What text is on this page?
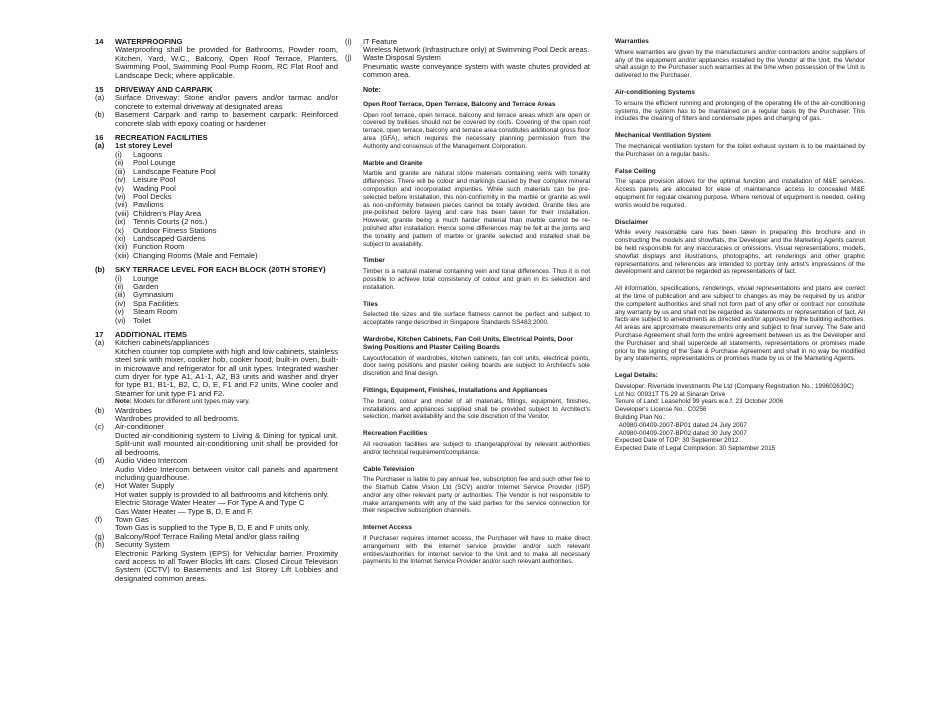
14	WATERPROOFING
Waterproofing shall be provided for Bathrooms, Powder room, Kitchen, Yard, W.C., Balcony, Open Roof Terrace, Planters, Swimming Pool, Swimming Pool Pump Room, RC Flat Roof and Landscape Deck; where applicable.
15	DRIVEWAY AND CARPARK
(a)	Surface Driveway: Stone and/or pavers and/or tarmac and/or concrete to external driveway at designated areas
(b)	Basement Carpark and ramp to basement carpark: Reinforced concrete slab with epoxy coating or hardener
16	RECREATION FACILITIES
(a)	1st storey Level
(i)	Lagoons
(ii)	Pool Lounge
(iii)	Landscape Feature Pool
(iv) Leisure Pool
(v)	Wading Pool
(vi) Pool Decks
(vii) Pavilions
(viii) Children's Play Area
(ix) Tennis Courts (2 nos.)
(x)	Outdoor Fitness Stations
(xi) Landscaped Gardens
(xii) Function Room
(xiii) Changing Rooms (Male and Female)
(b)	SKY TERRACE LEVEL FOR EACH BLOCK (20TH STOREY)
(i)	Lounge
(ii)	Garden
(iii)	Gymnasium
(iv) Spa Facilities
(v)	Steam Room
(vi) Toilet
17	ADDITIONAL ITEMS
(a)	Kitchen cabinets/appliances
Kitchen counter top complete with high and low cabinets, stainless steel sink with mixer, cooker hob, cooker hood, built-in oven, built-in microwave and refrigerator for all unit types. Integrated washer cum dryer for type A1, A1-1, A2, B3 units and washer and dryer for type B1, B1-1, B2, C, D, E, F1 and F2 units. Wine cooler and Steamer for unit type F1 and F2.
Note: Models for different unit types may vary.
(b)	Wardrobes
Wardrobes provided to all bedrooms.
(c)	Air-conditioner
Ducted air-conditioning system to Living & Dining for typical unit. Split-unit wall mounted air-conditioning unit shall be provided for all bedrooms.
(d)	Audio Video Intercom
Audio Video Intercom between visitor call panels and apartment including guardhouse.
(e)	Hot Water Supply
Hot water supply is provided to all bathrooms and kitchens only.
Electric Storage Water Heater — For Type A and Type C
Gas Water Heater — Type B, D, E and F.
(f)	Town Gas
Town Gas is supplied to the Type B, D, E and F units only.
(g)	Balcony/Roof Terrace Railing Metal and/or glass railing
(h)	Security System
Electronic Parking System (EPS) for Vehicular barrier. Proximity card access to all Tower Blocks lift cars. Closed Circuit Television System (CCTV) to Basements and 1st Storey Lift Lobbies and designated common areas.
(i)	IT Feature
Wireless Network (Infrastructure only) at Swimming Pool Deck areas.
(j)	Waste Disposal System
Pneumatic waste conveyance system with waste chutes provided at common area.
Note:
Open Roof Terrace, Open Terrace, Balcony and Terrace Areas

Open roof terrace, open terrace, balcony and terrace areas which are open or covered by trellises should not be covered by roofs. Covering of the open roof terrace, open terrace, balcony and terrace area constitutes additional gross floor area (GFA), which requires the necessary planning permission from the Authority and consensus of the Management Corporation.

Marble and Granite

Marble and granite are natural stone materials containing veins with tonality differences. There will be colour and markings caused by their complex mineral composition and incorporated impurities. While such materials can be pre-selected before installation, this non-conformity in the marble or granite as well as non-uniformity between pieces cannot be totally avoided. Granite tiles are pre-polished before laying and care has been taken for their installation. However, granite being a much harder material than marble cannot be re-polished after installation. Hence some differences may be felt at the joints and the tonality and pattern of marble or granite selected and installed shall be subject to availability.

Timber

Timber is a natural material containing vein and tonal differences. Thus it is not possible to achieve total consistency of colour and grain in its selection and installation.

Tiles

Selected tile sizes and tile surface flatness cannot be perfect and subject to acceptable range described in Singapore Standards SS483:2000.

Wardrobe, Kitchen Cabinets, Fan Coil Units, Electrical Points, Door Swing Positions and Plaster Ceiling Boards

Layout/location of wardrobes, kitchen cabinets, fan coil units, electrical points, door swing positions and plaster ceiling boards are subject to Architect's sole discretion and final design.

Fittings, Equipment, Finishes, Installations and Appliances

The brand, colour and model of all materials, fittings, equipment, finishes, installations and appliances supplied shall be provided subject to Architect's selection, market availability and the sole discretion of the Vendor.

Recreation Facilities

All recreation facilities are subject to change/approval by relevant authorities and/or technical requirement/compliance.

Cable Television

The Purchaser is liable to pay annual fee, subscription fee and such other fee to the Starhub Cable Vision Ltd (SCV) and/or Internet Service Provider (ISP) and/or any other relevant party or authorities. The Vendor is not responsible to make arrangements with any of the said parties for the service connection for their respective subscription channels.

Internet Access

If Purchaser requires internet access, the Purchaser will have to make direct arrangement with the internet service provider and/or such relevant entities/authorities for internet service to the Unit and to make all necessary payments to the Internet Service Provider and/or such relevant authorities.

Warranties

Where warranties are given by the manufacturers and/or contractors and/or suppliers of any of the equipment and/or appliances installed by the Vendor at the Unit, the Vendor shall assign to the Purchaser such warranties at the time when possession of the Unit is delivered to the Purchaser.

Air-conditioning Systems

To ensure the efficient running and prolonging of the operating life of the air-conditioning systems, the system has to be maintained on a regular basis by the Purchaser. This includes the clearing of filters and condensate pipes and charging of gas.

Mechanical Ventilation System

The mechanical ventilation system for the toilet exhaust system is to be maintained by the Purchaser on a regular basis.

False Ceiling

The space provision allows for the optimal function and installation of M&E services. Access panels are allocated for ease of maintenance access to concealed M&E equipment for regular cleaning purpose. Where removal of equipment is needed, ceiling works would be required.

Disclaimer

While every reasonable care has been taken in preparing this brochure and in constructing the models and showflats, the Developer and the Marketing Agents cannot be held responsible for any inaccuracies or omissions. Visual representations, models, showflat displays and illustrations, photographs, art renderings and other graphic representations and references are intended to portray only artist's impressions of the development and cannot be regarded as representations of fact.

All information, specifications, renderings, visual representations and plans are correct at the time of publication and are subject to changes as may be required by us and/or the competent authorities and shall not form part of any offer or contract nor constitute any warranty by us and shall not be regarded as statements or representation of fact. All facts are subject to amendments as directed and/or approved by the building authorities. All areas are approximate measurements only and subject to final survey. The Sale and Purchase Agreement shall form the entire agreement between us as the Developer and the Purchaser and shall supercede all statements, representations or promises made prior to the signing of the Sale & Purchase Agreement and shall in no way be modified by any statements, representations or promises made by us or the Marketing Agents.

Legal Details:
Developer: Riverside Investments Pte Ltd (Company Registration No.: 199602639C)
Lot No: 00931T TS 29 at Sinaran Drive
Tenure of Land: Leasehold 99 years w.e.f. 23 October 2006
Developer's License No.: C0256
Building Plan No.:
A0980-00409-2007-BP01 dated 24 July 2007
A0980-00409-2007-BP02 dated 30 July 2007
Expected Date of TOP: 30 September 2012
Expected Date of Legal Completion: 30 September 2015
